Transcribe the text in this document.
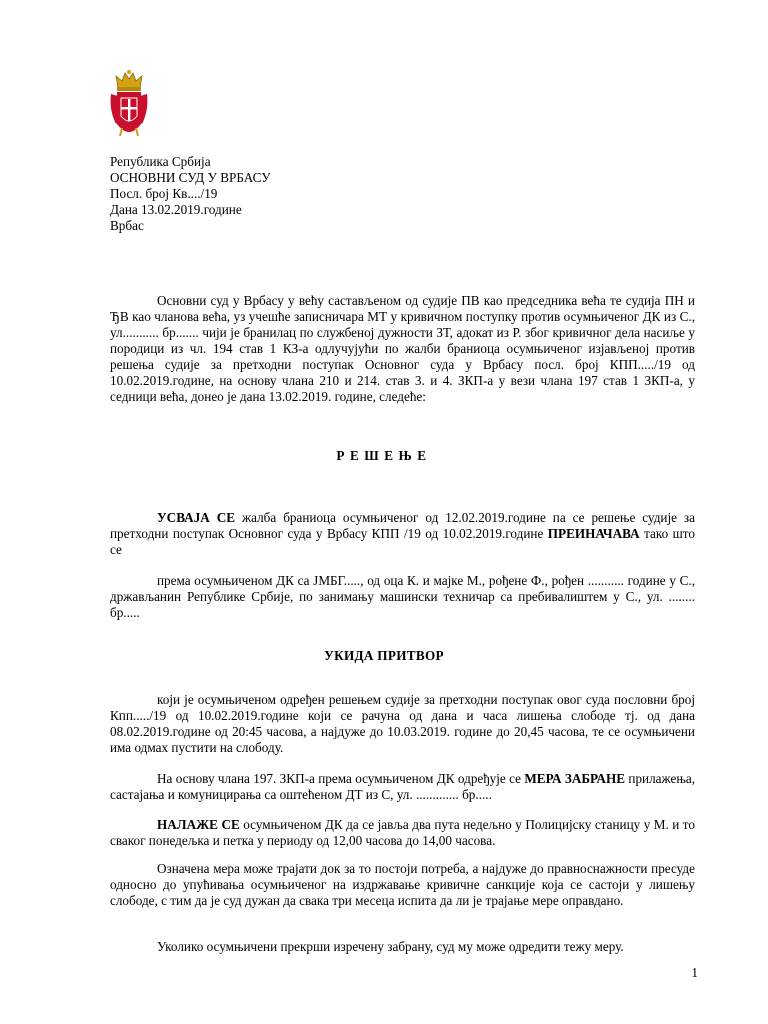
Република Србија
ОСНОВНИ СУД У ВРБАСУ
Посл. број Кв..../19
Дана 13.02.2019.године
Врбас
Основни суд у Врбасу у већу састављеном од судије ПВ као председника већа те судија ПН и ЂВ као чланова већа, уз учешће записничара МТ у кривичном поступку против осумњиченог ДК из С., ул........... бр....... чији је бранилац по службеној дужности ЗТ, адокат из Р. због кривичног дела насиље у породици из чл. 194 став 1 КЗ-а одлучујући по жалби браниоца осумњиченог изјављеној против решења судије за претходни поступак Основног суда у Врбасу посл. број КПП...../19 од 10.02.2019.године, на основу члана 210 и 214. став 3. и 4. ЗКП-а у вези члана 197 став 1 ЗКП-а, у седници већа, донео је дана 13.02.2019. године, следеће:
РЕШЕЊЕ
УСВАЈА СЕ жалба браниоца осумњиченог од 12.02.2019.године па се решење судије за претходни поступак Основног суда у Врбасу КПП /19 од 10.02.2019.године ПРЕИНАЧАВА тако што се
према осумњиченом ДК са ЈМБГ....., од оца К. и мајке М., рођене Ф., рођен ........... године у С., држављанин Републике Србије, по занимању машински техничар са пребивалиштем у С., ул. ........ бр.....
УКИДА ПРИТВОР
који је осумњиченом одређен решењем судије за претходни поступак овог суда пословни број Кпп...../19 од 10.02.2019.године који се рачуна од дана и часа лишења слободе тј. од дана 08.02.2019.године од 20:45 часова, а најдуже до 10.03.2019. године до 20,45 часова, те се осумњичени има одмах пустити на слободу.
На основу члана 197. ЗКП-а према осумњиченом ДК одређује се МЕРА ЗАБРАНЕ прилажења, састајања и комуницирања са оштећеном ДТ из С, ул. ............. бр.....
НАЛАЖЕ СЕ осумњиченом ДК да се јавља два пута недељно у Полицијску станицу у М. и то сваког понедељка и петка у периоду од 12,00 часова до 14,00 часова.
Означена мера може трајати док за то постоји потреба, а најдуже до правноснажности пресуде односно до упућивања осумњиченог на издржавање кривичне санкције која се састоји у лишењу слободе, с тим да је суд дужан да свака три месеца испита да ли је трајање мере оправдано.
Уколико осумњичени прекрши изречену забрану, суд му може одредити тежу меру.
1
